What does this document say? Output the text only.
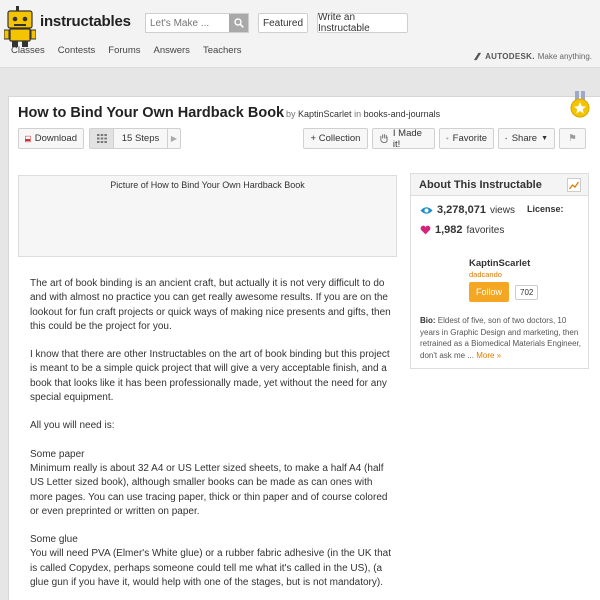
instructables
Let's Make ...	Featured	Write an Instructable
Classes Contests Forums Answers Teachers
AUTODESK. Make anything.
How to Bind Your Own Hardback Book by KaptinScarlet in books-and-journals
Download	15 Steps	▶	+ Collection	I Made it!	Favorite	Share ▼	⚑
Picture of How to Bind Your Own Hardback Book

The art of book binding is an ancient craft, but actually it is not very difficult to do and with almost no practice you can get really awesome results. If you are on the lookout for fun craft projects or quick ways of making nice presents and gifts, then this could be the project for you.

I know that there are other Instructables on the art of book binding but this project is meant to be a simple quick project that will give a very acceptable finish, and a book that looks like it has been professionally made, yet without the need for any special equipment.

All you will need is:

Some paper

Minimum really is about 32 A4 or US Letter sized sheets, to make a half A4 (half US Letter sized book), although smaller books can be made as can ones with more pages. You can use tracing paper, thick or thin paper and of course colored or even preprinted or written on paper.

Some glue

You will need PVA (Elmer's White glue) or a rubber fabric adhesive (in the UK that is called Copydex, perhaps someone could tell me what it's called in the US), (a glue gun if you have it, would help with one of the stages, but is not mandatory).

About This Instructable
3,278,071 views
1,982 favorites
License:
KaptinScarlet
dadcando
Follow	702
Bio: Eldest of five, son of two doctors, 10 years in Graphic Design and marketing, then retrained as a Biomedical Materials Engineer, don't ask me ... More »
